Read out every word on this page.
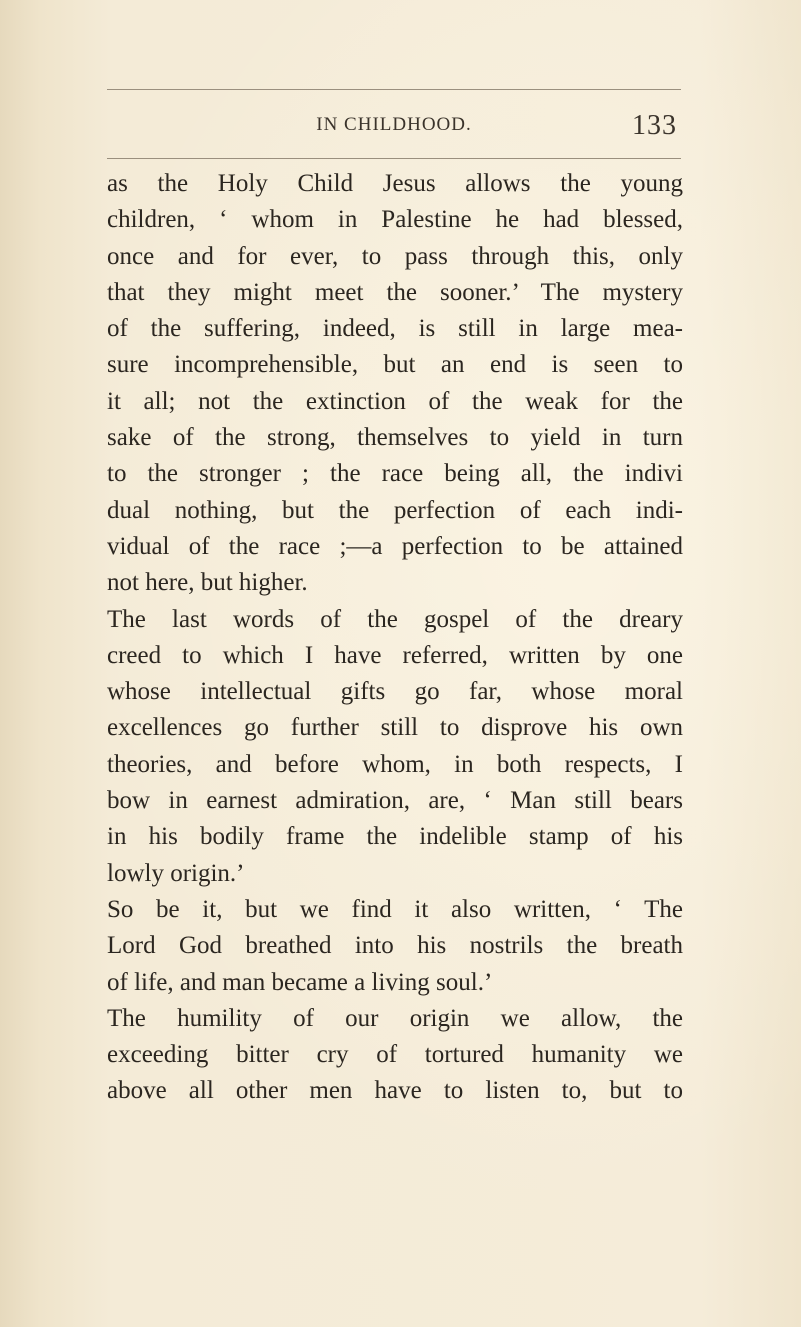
IN CHILDHOOD.	133
as the Holy Child Jesus allows the young
children, ‘ whom in Palestine he had blessed,
once and for ever, to pass through this, only
that they might meet the sooner.’ The mystery
of the suffering, indeed, is still in large mea-
sure incomprehensible, but an end is seen to
it all; not the extinction of the weak for the
sake of the strong, themselves to yield in turn
to the stronger ; the race being all, the indivi
dual nothing, but the perfection of each indi-
vidual of the race ;—a perfection to be attained
not here, but higher.
The last words of the gospel of the dreary
creed to which I have referred, written by one
whose intellectual gifts go far, whose moral
excellences go further still to disprove his own
theories, and before whom, in both respects, I
bow in earnest admiration, are, ‘ Man still bears
in his bodily frame the indelible stamp of his
lowly origin.’
So be it, but we find it also written, ‘ The
Lord God breathed into his nostrils the breath
of life, and man became a living soul.’
The humility of our origin we allow, the
exceeding bitter cry of tortured humanity we
above all other men have to listen to, but to
